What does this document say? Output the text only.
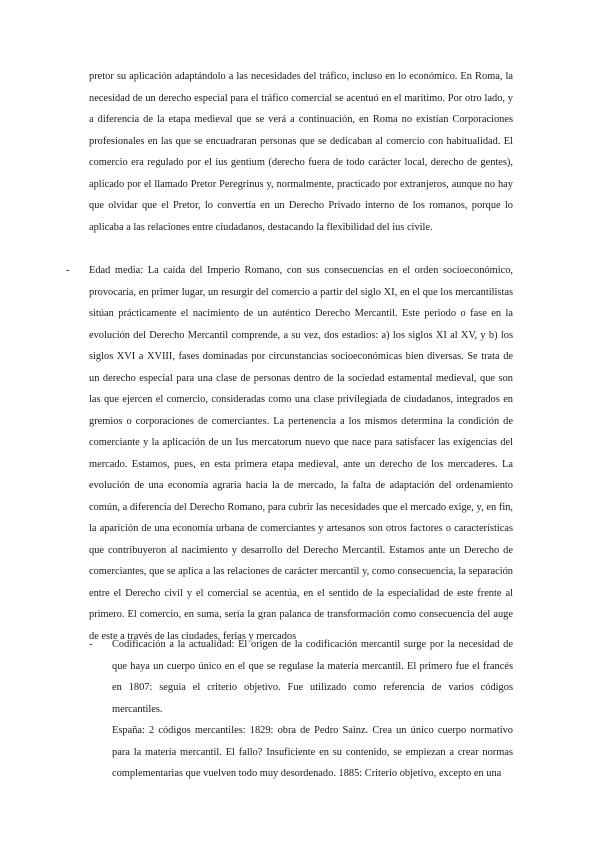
pretor su aplicación adaptándolo a las necesidades del tráfico, incluso en lo económico. En Roma, la necesidad de un derecho especial para el tráfico comercial se acentuó en el marítimo. Por otro lado, y a diferencia de la etapa medieval que se verá a continuación, en Roma no existían Corporaciones profesionales en las que se encuadraran personas que se dedicaban al comercio con habitualidad. El comercio era regulado por el ius gentium (derecho fuera de todo carácter local, derecho de gentes), aplicado por el llamado Pretor Peregrinus y, normalmente, practicado por extranjeros, aunque no hay que olvidar que el Pretor, lo convertía en un Derecho Privado interno de los romanos, porque lo aplicaba a las relaciones entre ciudadanos, destacando la flexibilidad del ius civile.

- Edad media: La caída del Imperio Romano, con sus consecuencias en el orden socioeconómico, provocaría, en primer lugar, un resurgir del comercio a partir del siglo XI, en el que los mercantilistas sitúan prácticamente el nacimiento de un auténtico Derecho Mercantil. Este periodo o fase en la evolución del Derecho Mercantil comprende, a su vez, dos estadios: a) los siglos XI al XV, y b) los siglos XVI a XVIII, fases dominadas por circunstancias socioeconómicas bien diversas. Se trata de un derecho especial para una clase de personas dentro de la sociedad estamental medieval, que son las que ejercen el comercio, consideradas como una clase privilegiada de ciudadanos, integrados en gremios o corporaciones de comerciantes. La pertenencia a los mismos determina la condición de comerciante y la aplicación de un Ius mercatorum nuevo que nace para satisfacer las exigencias del mercado. Estamos, pues, en esta primera etapa medieval, ante un derecho de los mercaderes. La evolución de una economía agraria hacia la de mercado, la falta de adaptación del ordenamiento común, a diferencia del Derecho Romano, para cubrir las necesidades que el mercado exige, y, en fin, la aparición de una economía urbana de comerciantes y artesanos son otros factores o características que contribuyeron al nacimiento y desarrollo del Derecho Mercantil. Estamos ante un Derecho de comerciantes, que se aplica a las relaciones de carácter mercantil y, como consecuencia, la separación entre el Derecho civil y el comercial se acentúa, en el sentido de la especialidad de este frente al primero. El comercio, en suma, sería la gran palanca de transformación como consecuencia del auge de este a través de las ciudades, ferias y mercados

- Codificación a la actualidad: El origen de la codificación mercantil surge por la necesidad de que haya un cuerpo único en el que se regulase la materia mercantil. El primero fue el francés en 1807: seguía el criterio objetivo. Fue utilizado como referencia de varios códigos mercantiles.

España: 2 códigos mercantiles: 1829: obra de Pedro Sainz. Crea un único cuerpo normativo para la materia mercantil. El fallo? Insuficiente en su contenido, se empiezan a crear normas complementarias que vuelven todo muy desordenado. 1885: Criterio objetivo, excepto en una
